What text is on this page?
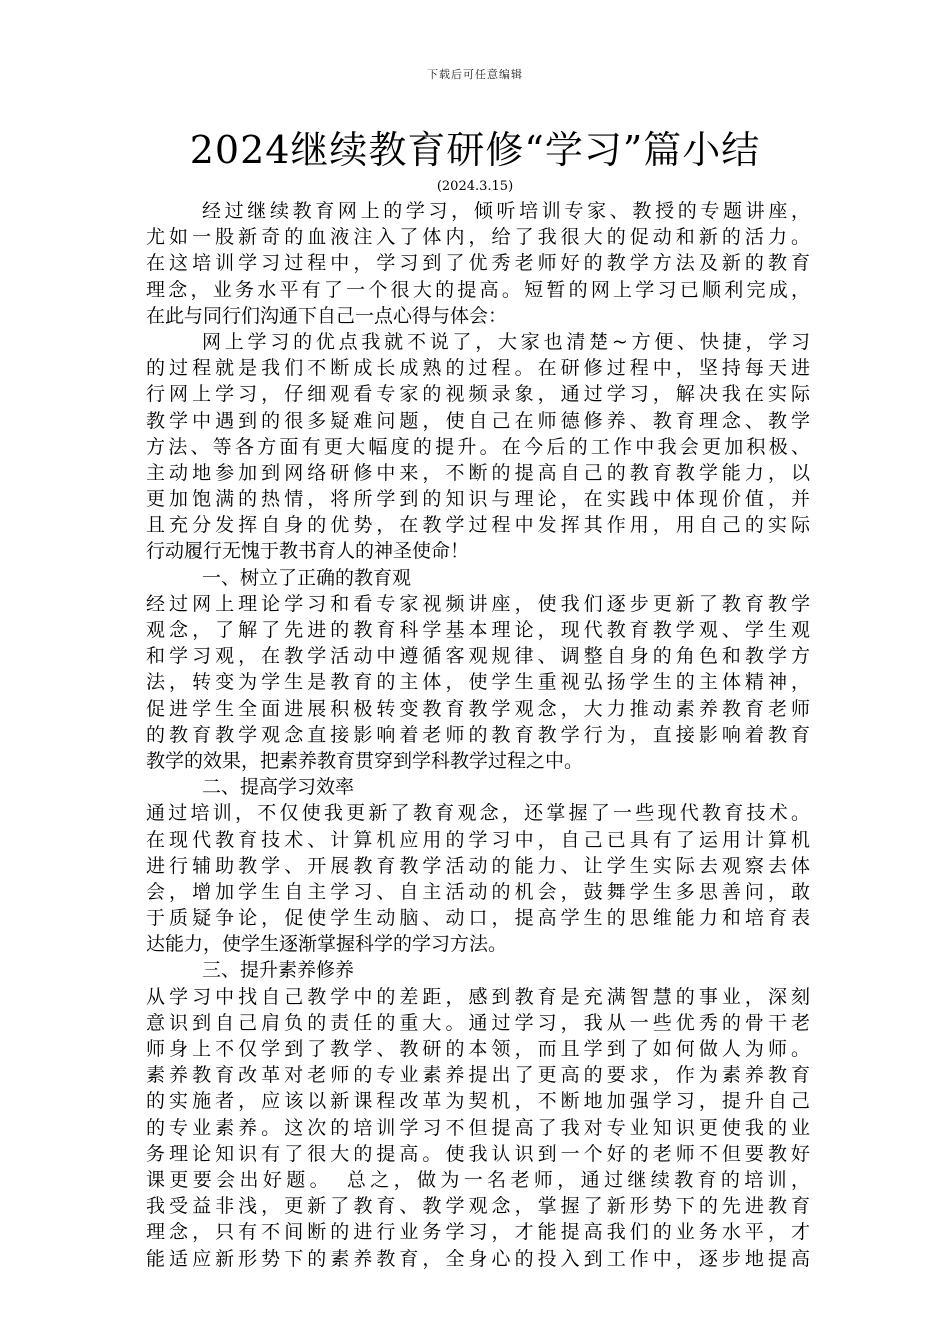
下载后可任意编辑
2024继续教育研修“学习”篇小结
(2024.3.15)
经过继续教育网上的学习，倾听培训专家、教授的专题讲座，
尤如一股新奇的血液注入了体内，给了我很大的促动和新的活力。
在这培训学习过程中，学习到了优秀老师好的教学方法及新的教育
理念，业务水平有了一个很大的提高。短暂的网上学习已顺利完成，
在此与同行们沟通下自己一点心得与体会：
网上学习的优点我就不说了，大家也清楚~方便、快捷，学习
的过程就是我们不断成长成熟的过程。在研修过程中，坚持每天进
行网上学习，仔细观看专家的视频录象，通过学习，解决我在实际
教学中遇到的很多疑难问题，使自己在师德修养、教育理念、教学
方法、等各方面有更大幅度的提升。在今后的工作中我会更加积极、
主动地参加到网络研修中来，不断的提高自己的教育教学能力，以
更加饱满的热情，将所学到的知识与理论，在实践中体现价值，并
且充分发挥自身的优势，在教学过程中发挥其作用，用自己的实际
行动履行无愧于教书育人的神圣使命！
一、树立了正确的教育观
经过网上理论学习和看专家视频讲座，使我们逐步更新了教育教学
观念，了解了先进的教育科学基本理论，现代教育教学观、学生观
和学习观，在教学活动中遵循客观规律、调整自身的角色和教学方
法，转变为学生是教育的主体，使学生重视弘扬学生的主体精神，
促进学生全面进展积极转变教育教学观念，大力推动素养教育老师
的教育教学观念直接影响着老师的教育教学行为，直接影响着教育
教学的效果，把素养教育贯穿到学科教学过程之中。
二、提高学习效率
通过培训，不仅使我更新了教育观念，还掌握了一些现代教育技术。
在现代教育技术、计算机应用的学习中，自己已具有了运用计算机
进行辅助教学、开展教育教学活动的能力、让学生实际去观察去体
会，增加学生自主学习、自主活动的机会，鼓舞学生多思善问，敢
于质疑争论，促使学生动脑、动口，提高学生的思维能力和培育表
达能力，使学生逐渐掌握科学的学习方法。
三、提升素养修养
从学习中找自己教学中的差距，感到教育是充满智慧的事业，深刻
意识到自己肩负的责任的重大。通过学习，我从一些优秀的骨干老
师身上不仅学到了教学、教研的本领，而且学到了如何做人为师。
素养教育改革对老师的专业素养提出了更高的要求，作为素养教育
的实施者，应该以新课程改革为契机，不断地加强学习，提升自己
的专业素养。这次的培训学习不但提高了我对专业知识更使我的业
务理论知识有了很大的提高。使我认识到一个好的老师不但要教好
课更要会出好题。　总之，做为一名老师，通过继续教育的培训，
我受益非浅，更新了教育、教学观念，掌握了新形势下的先进教育
理念，只有不间断的进行业务学习，才能提高我们的业务水平，才
能适应新形势下的素养教育，全身心的投入到工作中，逐步地提高
